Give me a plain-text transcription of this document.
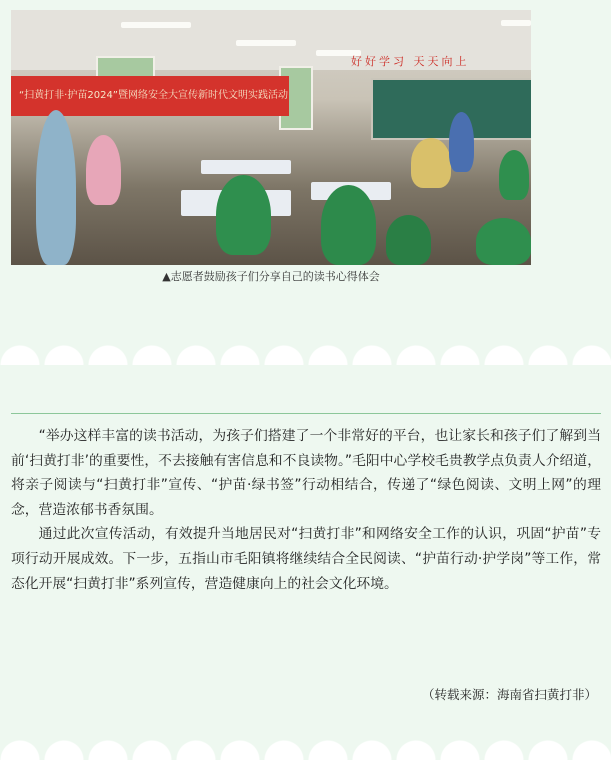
好好学习 天天向上
“扫黄打非·护苗2024”暨网络安全大宣传新时代文明实践活动
▲志愿者鼓励孩子们分享自己的读书心得体会

“举办这样丰富的读书活动，为孩子们搭建了一个非常好的平台，也让家长和孩子们了解到当前‘扫黄打非’的重要性，不去接触有害信息和不良读物。”毛阳中心学校毛贵教学点负责人介绍道，将亲子阅读与“扫黄打非”宣传、“护苗·绿书签”行动相结合，传递了“绿色阅读、文明上网”的理念，营造浓郁书香氛围。

通过此次宣传活动，有效提升当地居民对“扫黄打非”和网络安全工作的认识，巩固“护苗”专项行动开展成效。下一步，五指山市毛阳镇将继续结合全民阅读、“护苗行动·护学岗”等工作，常态化开展“扫黄打非”系列宣传，营造健康向上的社会文化环境。

（转载来源：海南省扫黄打非）
